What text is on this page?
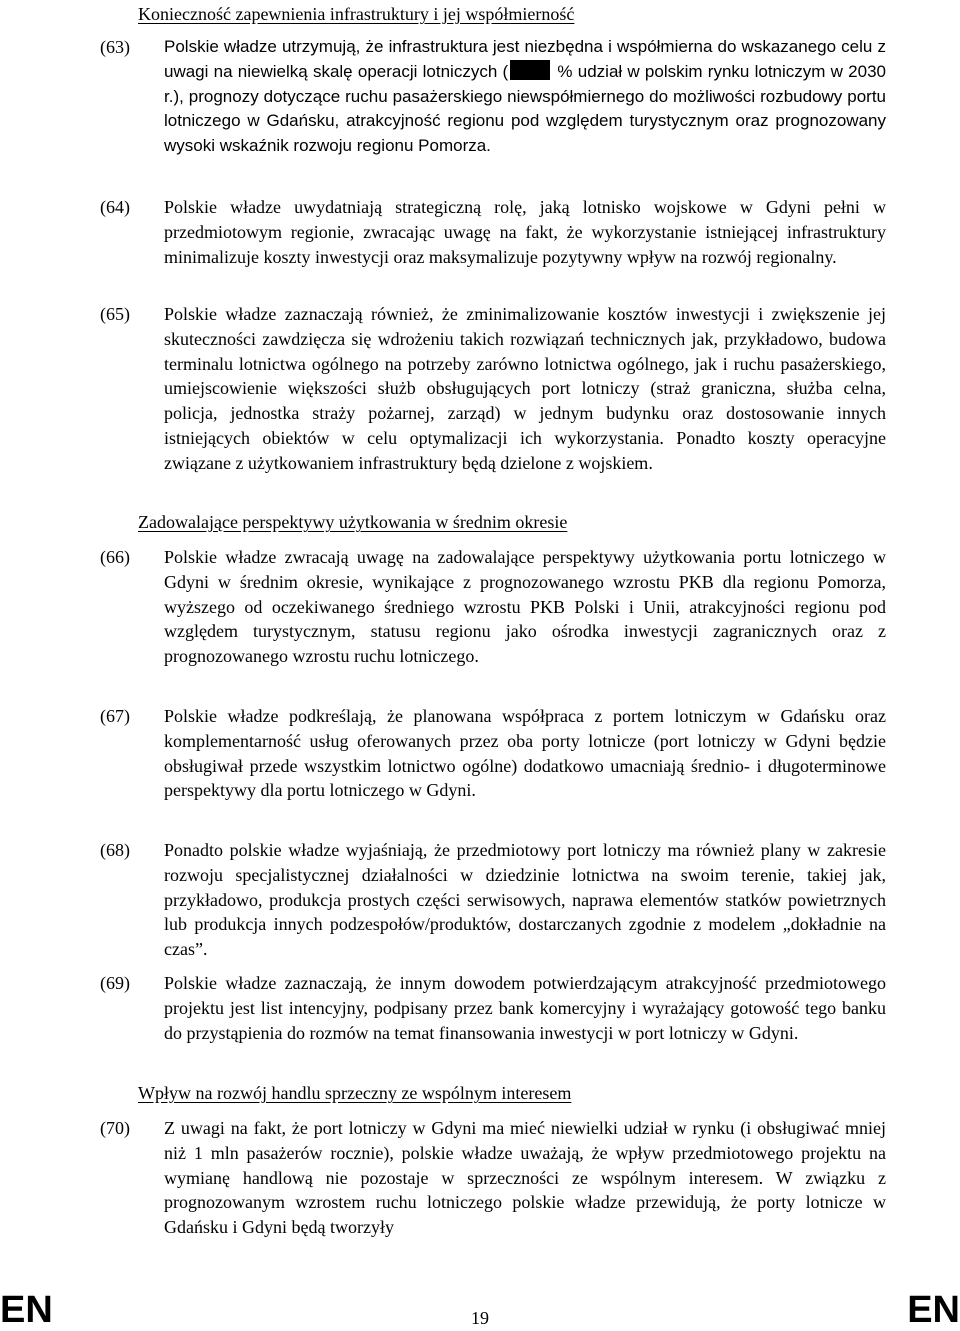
Konieczność zapewnienia infrastruktury i jej współmierność
(63) Polskie władze utrzymują, że infrastruktura jest niezbędna i współmierna do wskazanego celu z uwagi na niewielką skalę operacji lotniczych (	% udział w polskim rynku lotniczym w 2030 r.), prognozy dotyczące ruchu pasażerskiego niewspółmiernego do możliwości rozbudowy portu lotniczego w Gdańsku, atrakcyjność regionu pod względem turystycznym oraz prognozowany wysoki wskaźnik rozwoju regionu Pomorza.
(64) Polskie władze uwydatniają strategiczną rolę, jaką lotnisko wojskowe w Gdyni pełni w przedmiotowym regionie, zwracając uwagę na fakt, że wykorzystanie istniejącej infrastruktury minimalizuje koszty inwestycji oraz maksymalizuje pozytywny wpływ na rozwój regionalny.
(65) Polskie władze zaznaczają również, że zminimalizowanie kosztów inwestycji i zwiększenie jej skuteczności zawdzięcza się wdrożeniu takich rozwiązań technicznych jak, przykładowo, budowa terminalu lotnictwa ogólnego na potrzeby zarówno lotnictwa ogólnego, jak i ruchu pasażerskiego, umiejscowienie większości służb obsługujących port lotniczy (straż graniczna, służba celna, policja, jednostka straży pożarnej, zarząd) w jednym budynku oraz dostosowanie innych istniejących obiektów w celu optymalizacji ich wykorzystania. Ponadto koszty operacyjne związane z użytkowaniem infrastruktury będą dzielone z wojskiem.
Zadowalające perspektywy użytkowania w średnim okresie
(66) Polskie władze zwracają uwagę na zadowalające perspektywy użytkowania portu lotniczego w Gdyni w średnim okresie, wynikające z prognozowanego wzrostu PKB dla regionu Pomorza, wyższego od oczekiwanego średniego wzrostu PKB Polski i Unii, atrakcyjności regionu pod względem turystycznym, statusu regionu jako ośrodka inwestycji zagranicznych oraz z prognozowanego wzrostu ruchu lotniczego.
(67) Polskie władze podkreślają, że planowana współpraca z portem lotniczym w Gdańsku oraz komplementarność usług oferowanych przez oba porty lotnicze (port lotniczy w Gdyni będzie obsługiwał przede wszystkim lotnictwo ogólne) dodatkowo umacniają średnio- i długoterminowe perspektywy dla portu lotniczego w Gdyni.
(68) Ponadto polskie władze wyjaśniają, że przedmiotowy port lotniczy ma również plany w zakresie rozwoju specjalistycznej działalności w dziedzinie lotnictwa na swoim terenie, takiej jak, przykładowo, produkcja prostych części serwisowych, naprawa elementów statków powietrznych lub produkcja innych podzespołów/produktów, dostarczanych zgodnie z modelem „dokładnie na czas”.
(69) Polskie władze zaznaczają, że innym dowodem potwierdzającym atrakcyjność przedmiotowego projektu jest list intencyjny, podpisany przez bank komercyjny i wyrażający gotowość tego banku do przystąpienia do rozmów na temat finansowania inwestycji w port lotniczy w Gdyni.
Wpływ na rozwój handlu sprzeczny ze wspólnym interesem
(70) Z uwagi na fakt, że port lotniczy w Gdyni ma mieć niewielki udział w rynku (i obsługiwać mniej niż 1 mln pasażerów rocznie), polskie władze uważają, że wpływ przedmiotowego projektu na wymianę handlową nie pozostaje w sprzeczności ze wspólnym interesem. W związku z prognozowanym wzrostem ruchu lotniczego polskie władze przewidują, że porty lotnicze w Gdańsku i Gdyni będą tworzyły
EN	19	EN
